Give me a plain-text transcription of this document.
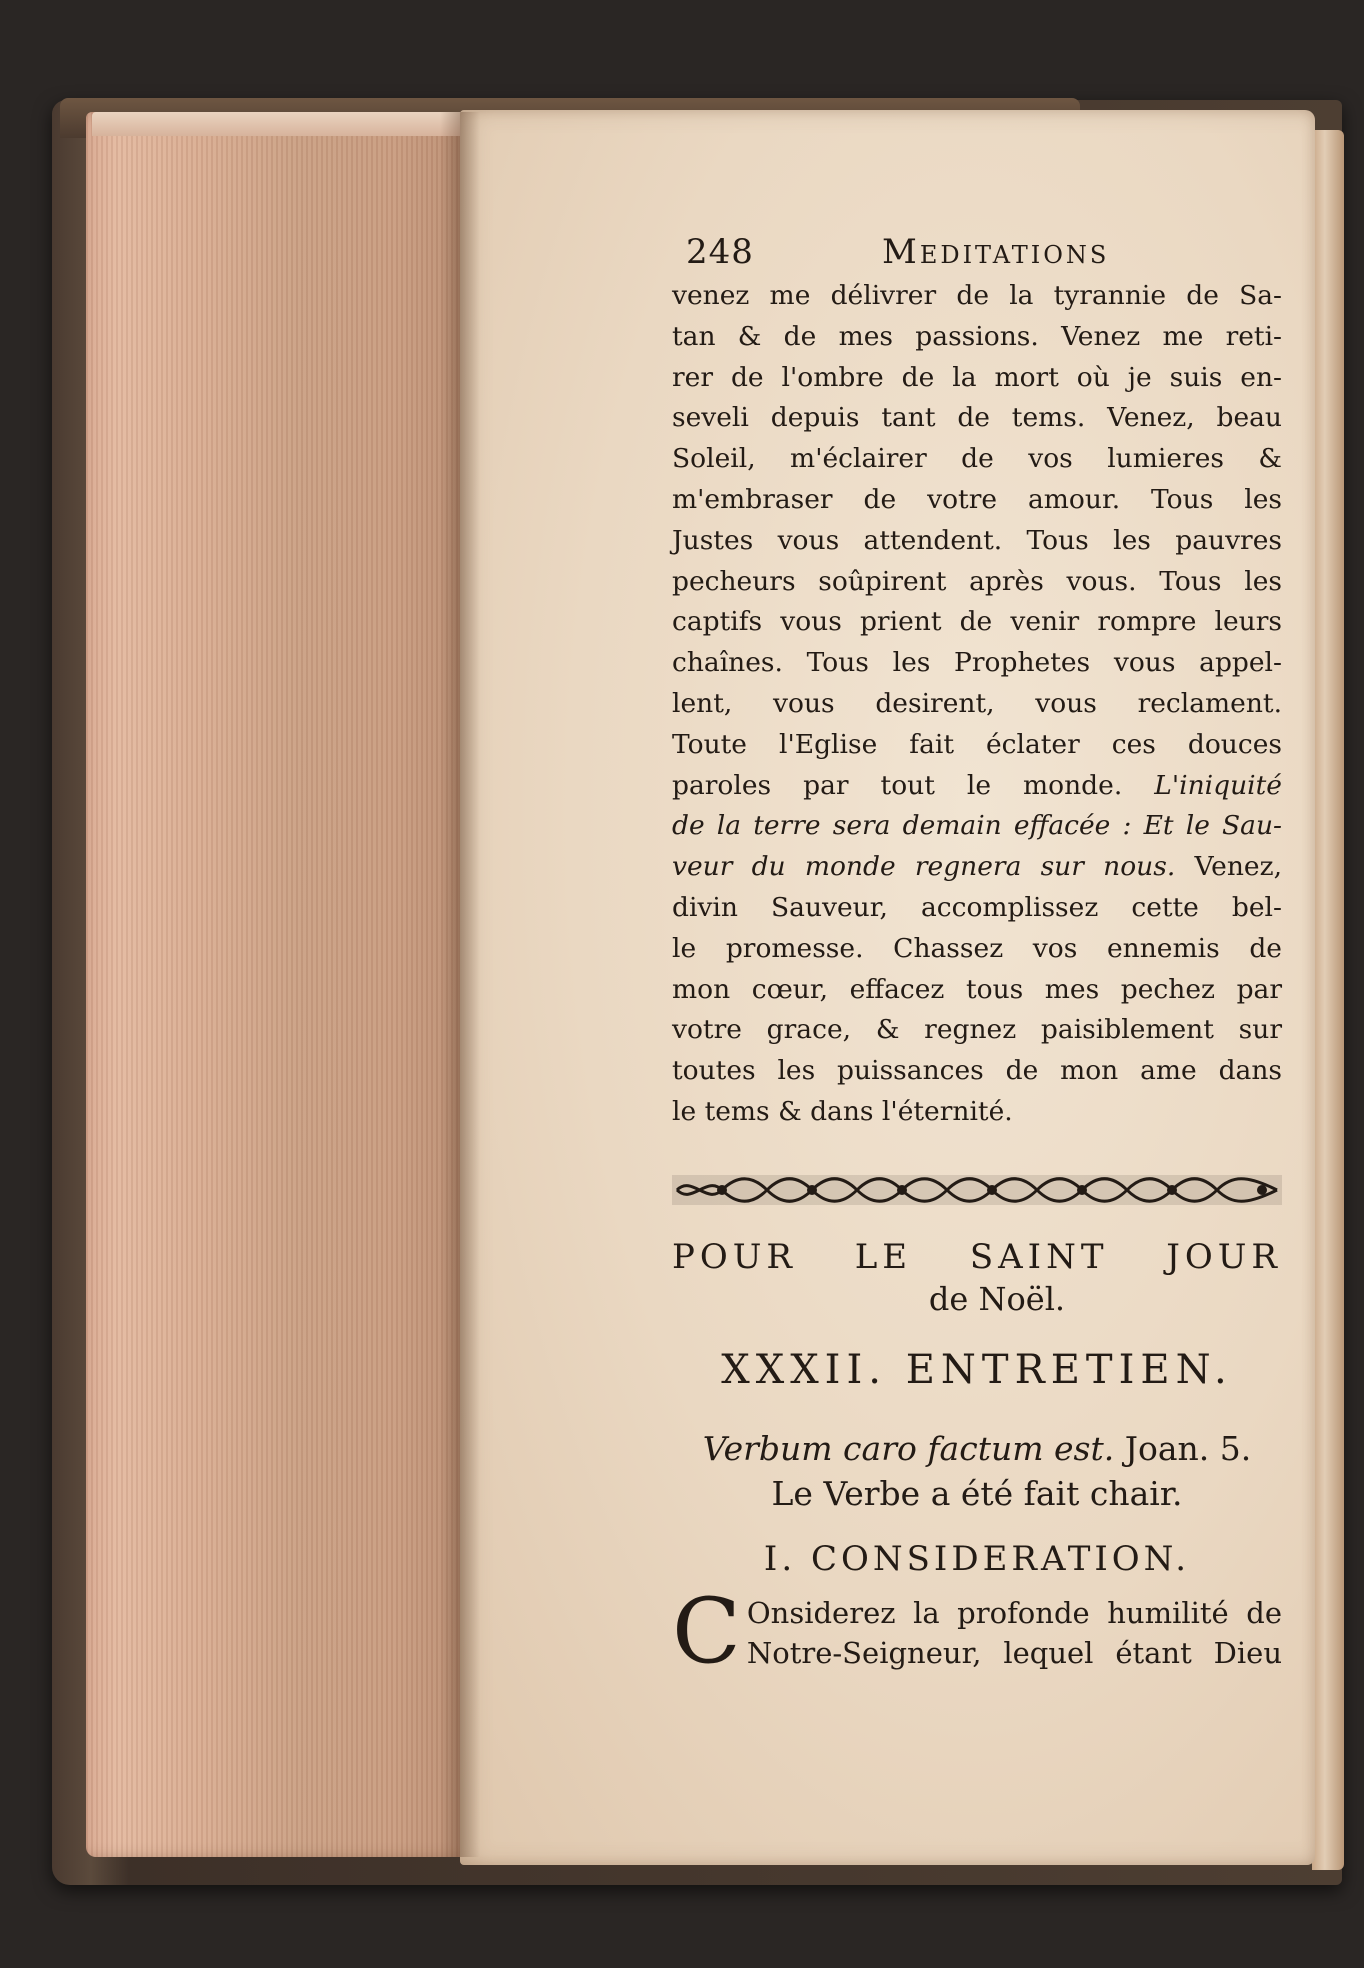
248	Meditations
venez me délivrer de la tyrannie de Sa-
tan & de mes passions. Venez me reti-
rer de l'ombre de la mort où je suis en-
seveli depuis tant de tems. Venez, beau
Soleil, m'éclairer de vos lumieres &
m'embraser de votre amour. Tous les
Justes vous attendent. Tous les pauvres
pecheurs soûpirent après vous. Tous les
captifs vous prient de venir rompre leurs
chaînes. Tous les Prophetes vous appel-
lent, vous desirent, vous reclament.
Toute l'Eglise fait éclater ces douces
paroles par tout le monde. L'iniquité
de la terre sera demain effacée : Et le Sau-
veur du monde regnera sur nous. Venez,
divin Sauveur, accomplissez cette bel-
le promesse. Chassez vos ennemis de
mon cœur, effacez tous mes pechez par
votre grace, & regnez paisiblement sur
toutes les puissances de mon ame dans
le tems & dans l'éternité.
POUR LE SAINT JOUR
de Noël.
XXXII. ENTRETIEN.
Verbum caro factum est. Joan. 5.
Le Verbe a été fait chair.
I. CONSIDERATION.
C Onsiderez la profonde humilité de
Notre-Seigneur, lequel étant Dieu
